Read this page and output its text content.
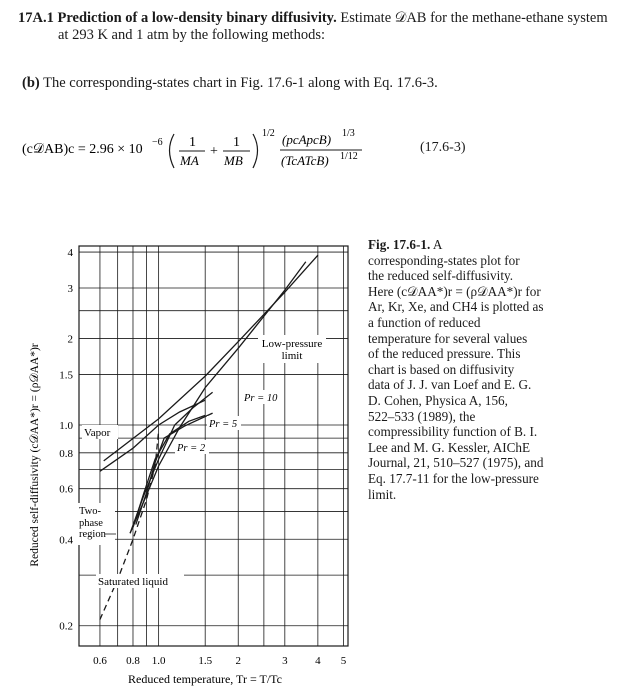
17A.1 Prediction of a low-density binary diffusivity. Estimate 𝒟AB for the methane-ethane system
at 293 K and 1 atm by the following methods:
(b) The corresponding-states chart in Fig. 17.6-1 along with Eq. 17.6-3.
(c𝒟AB)c = 2.96 × 10 −6 1
MA
+
1
MB
1/2 (pcApcB) 1/3
(TcATcB) 1/12
(17.6-3)
0.6 0.8 1.0	1.5 2	3	4 5
0.2
0.4
0.6
0.8
1.0
1.5
2
3
4
Low-pressure
limit
Pr = 10
Pr = 5
Pr = 2
Vapor
Two-
phase
region
Saturated liquid
Reduced temperature, Tr = T/Tc
Reduced self-diffusivity (c𝒟AA*)r = (ρ𝒟AA*)r
Fig. 17.6-1. A
corresponding-states plot for
the reduced self-diffusivity.
Here (c𝒟AA*)r = (ρ𝒟AA*)r for
Ar, Kr, Xe, and CH4 is plotted as
a function of reduced
temperature for several values
of the reduced pressure. This
chart is based on diffusivity
data of J. J. van Loef and E. G.
D. Cohen, Physica A, 156,
522–533 (1989), the
compressibility function of B. I.
Lee and M. G. Kessler, AIChE
Journal, 21, 510–527 (1975), and
Eq. 17.7-11 for the low-pressure
limit.
